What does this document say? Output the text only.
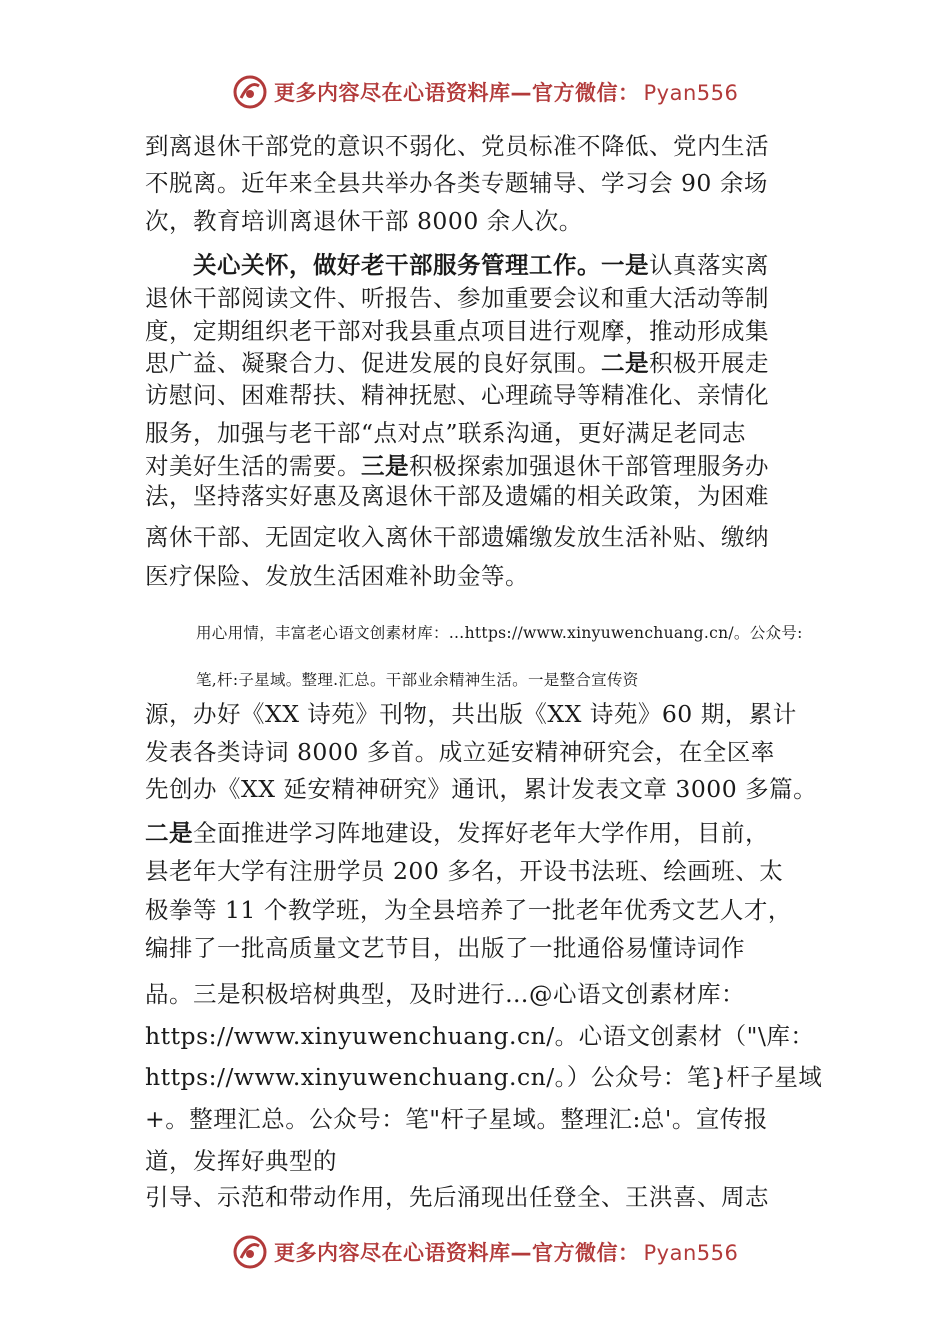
更多内容尽在心语资料库—官方微信： Pyan556
到离退休干部党的意识不弱化、党员标准不降低、党内生活
不脱离。近年来全县共举办各类专题辅导、学习会 90 余场
次，教育培训离退休干部 8000 余人次。
关心关怀，做好老干部服务管理工作。一是认真落实离
退休干部阅读文件、听报告、参加重要会议和重大活动等制
度，定期组织老干部对我县重点项目进行观摩，推动形成集
思广益、凝聚合力、促进发展的良好氛围。二是积极开展走
访慰问、困难帮扶、精神抚慰、心理疏导等精准化、亲情化
服务，加强与老干部“点对点”联系沟通，更好满足老同志
对美好生活的需要。三是积极探索加强退休干部管理服务办
法，坚持落实好惠及离退休干部及遗孀的相关政策，为困难
离休干部、无固定收入离休干部遗孀缴发放生活补贴、缴纳
医疗保险、发放生活困难补助金等。
用心用情，丰富老心语文创素材库：…https://www.xinyuwenchuang.cn/。公众号:
笔,杆:子星域。整理.汇总。干部业余精神生活。一是整合宣传资
源，办好《XX 诗苑》刊物，共出版《XX 诗苑》60 期，累计
发表各类诗词 8000 多首。成立延安精神研究会，在全区率
先创办《XX 延安精神研究》通讯，累计发表文章 3000 多篇。
二是全面推进学习阵地建设，发挥好老年大学作用，目前，
县老年大学有注册学员 200 多名，开设书法班、绘画班、太
极拳等 11 个教学班，为全县培养了一批老年优秀文艺人才，
编排了一批高质量文艺节目，出版了一批通俗易懂诗词作
品。三是积极培树典型，及时进行…@心语文创素材库：
https://www.xinyuwenchuang.cn/。心语文创素材（"\库：
https://www.xinyuwenchuang.cn/。）公众号：笔}杆子星域
+。整理汇总。公众号：笔"杆子星域。整理汇:总'。宣传报
道，发挥好典型的
引导、示范和带动作用，先后涌现出任登全、王洪喜、周志
更多内容尽在心语资料库—官方微信： Pyan556
